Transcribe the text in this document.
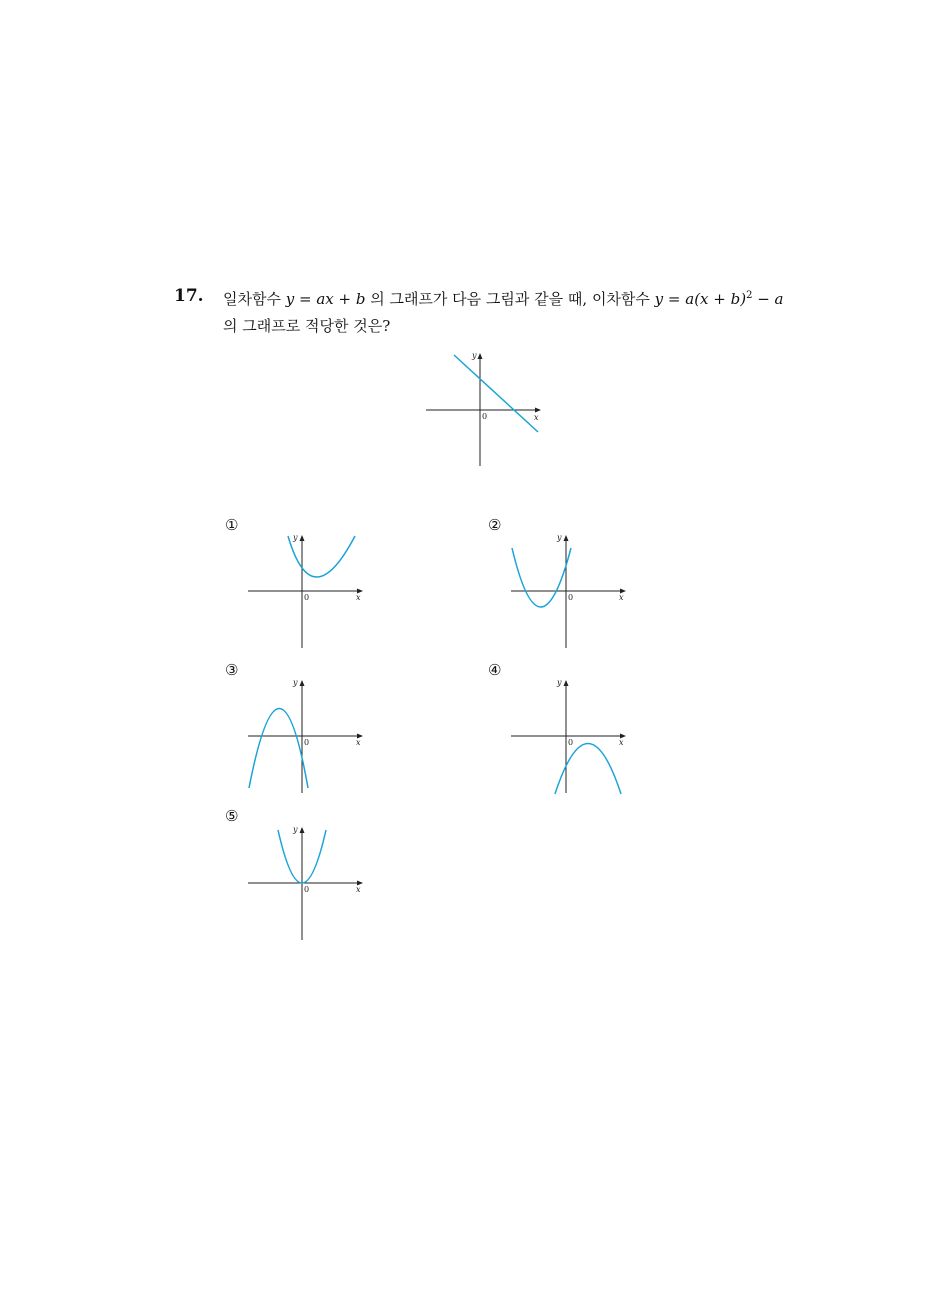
17. 일차함수 y = ax + b 의 그래프가 다음 그림과 같을 때, 이차함수 $y = a(x + b)^2 - a$
의 그래프로 적당한 것은?
y
x
0
①
y
x
0
②
y
x
0
③
y
x
0
④
y
x
0
⑤
y
x
0
